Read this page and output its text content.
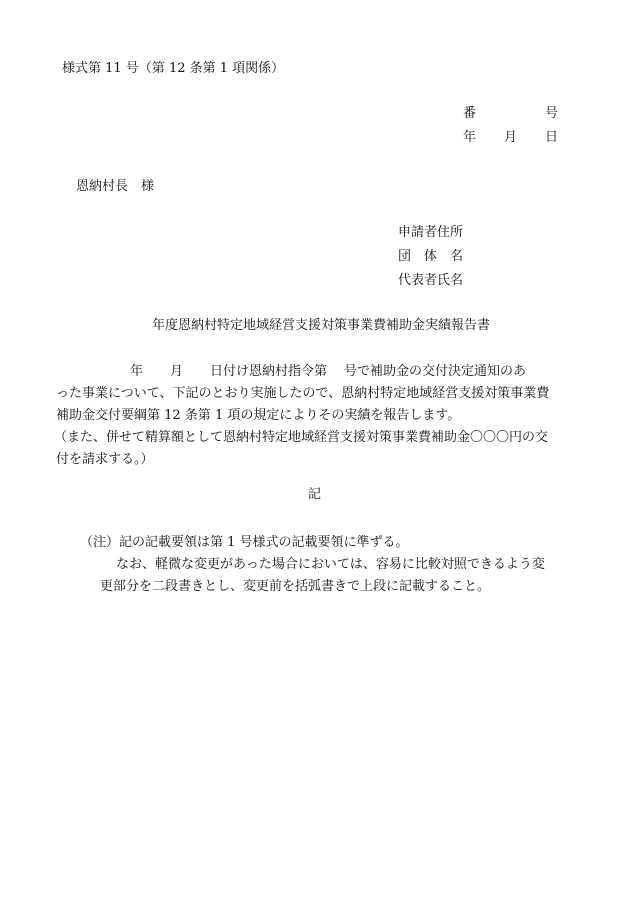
様式第 11 号（第 12 条第 1 項関係）
番	号
年 月 日
恩納村長　様
申請者住所
団　体　名
代表者氏名
年度恩納村特定地域経営支援対策事業費補助金実績報告書
年 月 日付け恩納村指令第 号で補助金の交付決定通知のあ
った事業について、下記のとおり実施したので、恩納村特定地域経営支援対策事業費
補助金交付要綱第 12 条第 1 項の規定によりその実績を報告します。
（また、併せて精算額として恩納村特定地域経営支援対策事業費補助金〇〇〇円の交
付を請求する。）
記
（注）記の記載要領は第 1 号様式の記載要領に準ずる。
なお、軽微な変更があった場合においては、容易に比較対照できるよう変
更部分を二段書きとし、変更前を括弧書きで上段に記載すること。
